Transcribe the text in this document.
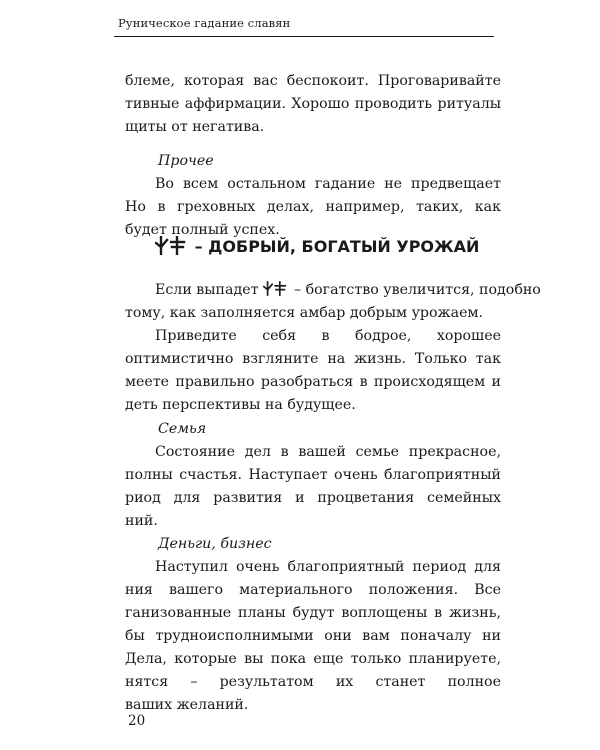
Руническое гадание славян
блеме, которая вас беспокоит. Проговаривайте
тивные аффирмации. Хорошо проводить ритуалы
щиты от негатива.
Прочее
Во всем остальном гадание не предвещает
Но в греховных делах, например, таких, как
будет полный успех.
– ДОБРЫЙ, БОГАТЫЙ УРОЖАЙ
Если выпадет – богатство увеличится, подобно
тому, как заполняется амбар добрым урожаем.
Приведите себя в бодрое, хорошее
оптимистично взгляните на жизнь. Только так
меете правильно разобраться в происходящем и
деть перспективы на будущее.
Семья
Состояние дел в вашей семье прекрасное,
полны счастья. Наступает очень благоприятный
риод для развития и процветания семейных
ний.
Деньги, бизнес
Наступил очень благоприятный период для
ния вашего материального положения. Все
ганизованные планы будут воплощены в жизнь,
бы трудноисполнимыми они вам поначалу ни
Дела, которые вы пока еще только планируете,
нятся – результатом их станет полное
ваших желаний.
20
